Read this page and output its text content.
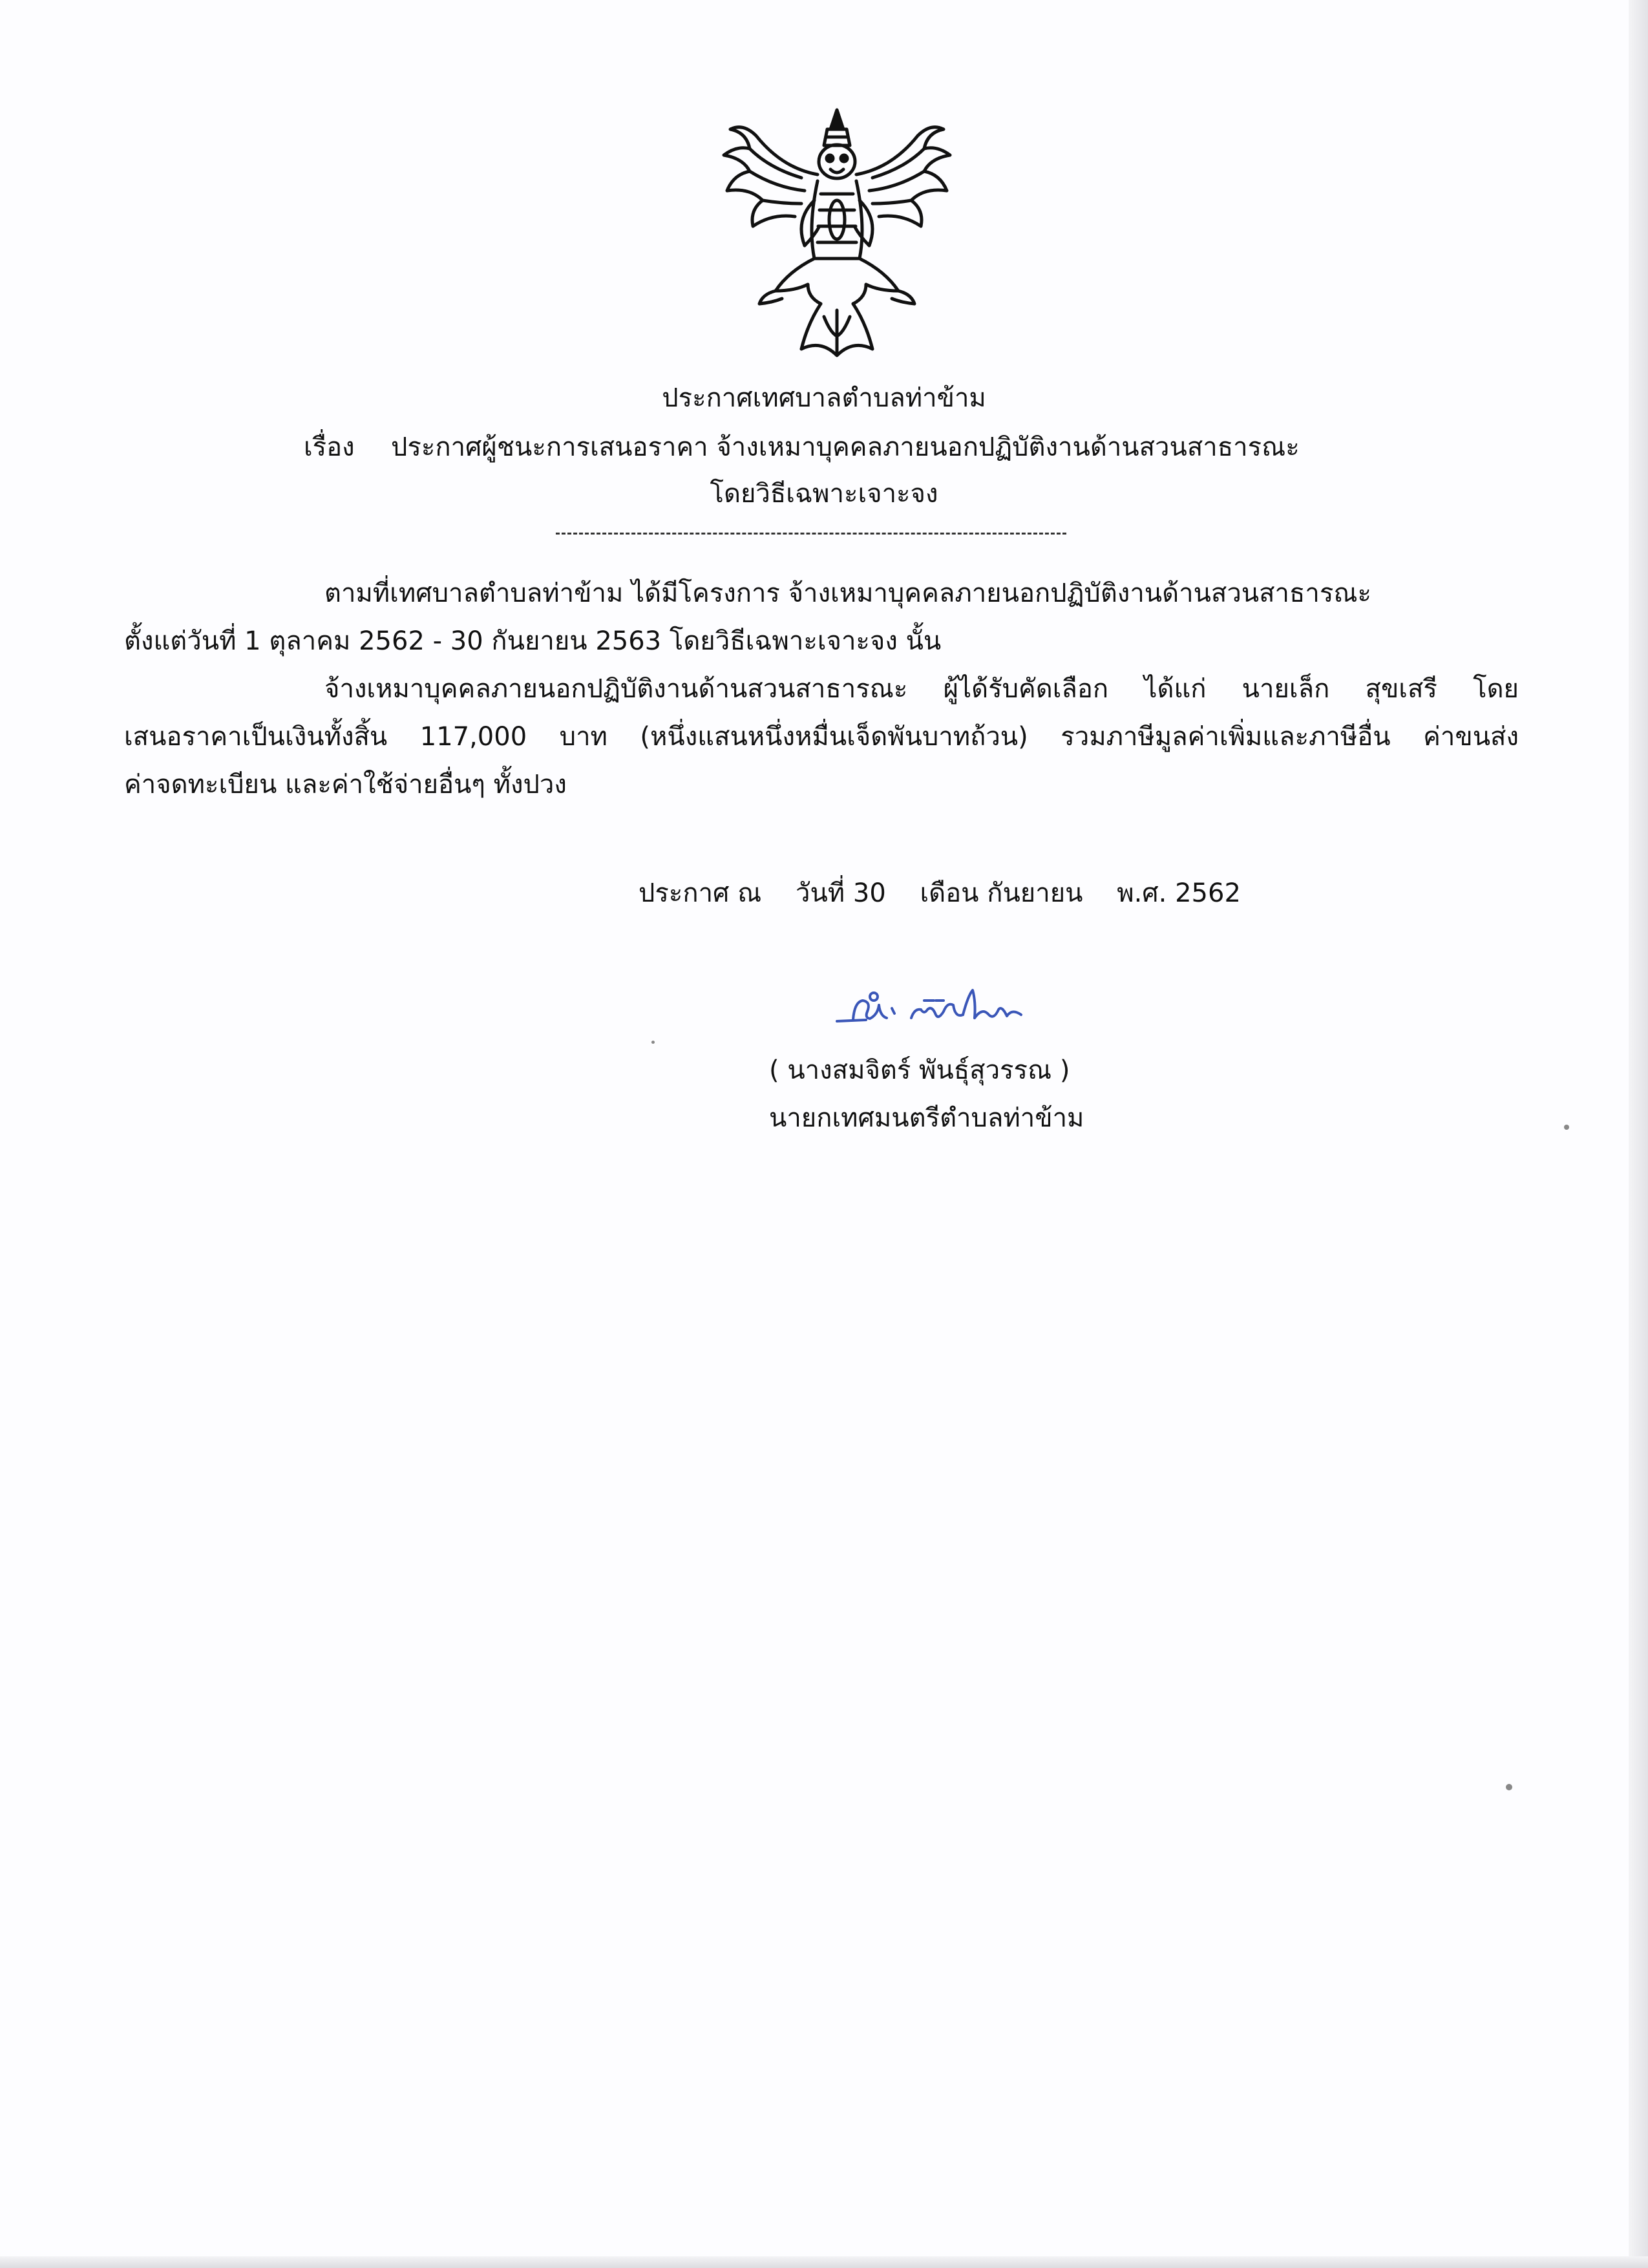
ประกาศเทศบาลตำบลท่าข้าม
เรื่อง ประกาศผู้ชนะการเสนอราคา จ้างเหมาบุคคลภายนอกปฏิบัติงานด้านสวนสาธารณะ
โดยวิธีเฉพาะเจาะจง
ตามที่เทศบาลตำบลท่าข้าม ได้มีโครงการ จ้างเหมาบุคคลภายนอกปฏิบัติงานด้านสวนสาธารณะ
ตั้งแต่วันที่ 1 ตุลาคม 2562 - 30 กันยายน 2563 โดยวิธีเฉพาะเจาะจง นั้น
จ้างเหมาบุคคลภายนอกปฏิบัติงานด้านสวนสาธารณะ ผู้ได้รับคัดเลือก ได้แก่ นายเล็ก สุขเสรี โดย
เสนอราคาเป็นเงินทั้งสิ้น 117,000 บาท (หนึ่งแสนหนึ่งหมื่นเจ็ดพันบาทถ้วน) รวมภาษีมูลค่าเพิ่มและภาษีอื่น ค่าขนส่ง
ค่าจดทะเบียน และค่าใช้จ่ายอื่นๆ ทั้งปวง
ประกาศ ณ วันที่ 30 เดือน กันยายน พ.ศ. 2562
( นางสมจิตร์ พันธุ์สุวรรณ )
นายกเทศมนตรีตำบลท่าข้าม
